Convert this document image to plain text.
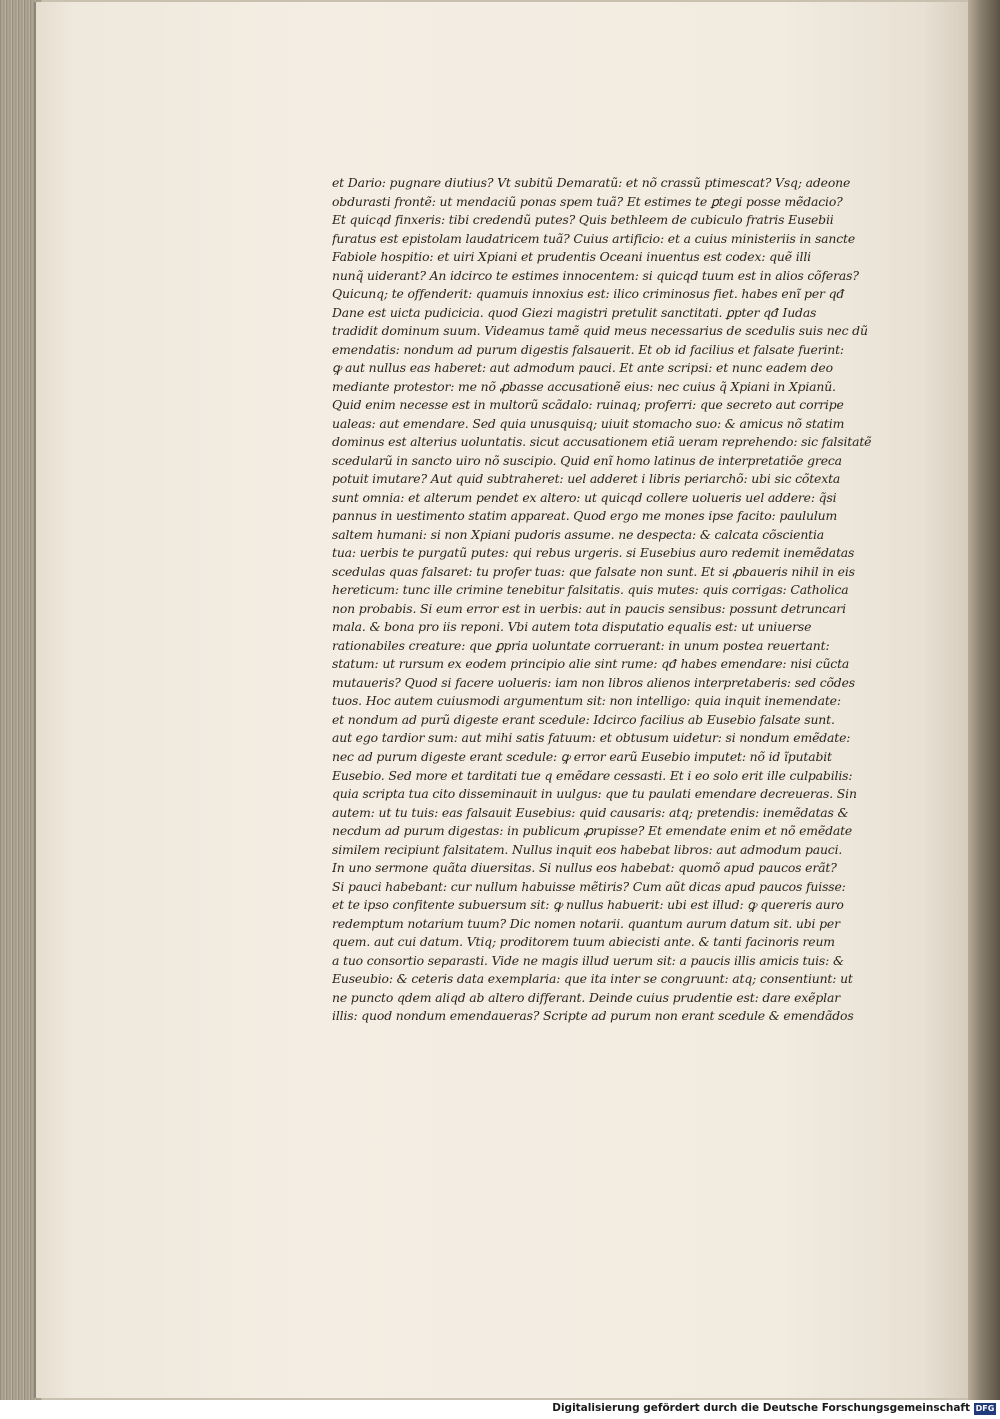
et Dario: pugnare diutius? Vt subitũ Demaratũ: et nõ crassũ ptimescat? Vsq; adeone
obdurasti frontẽ: ut mendaciũ ponas spem tuã? Et estimes te ꝑtegi posse mẽdacio?
Et quicqd finxeris: tibi credendũ putes? Quis bethleem de cubiculo fratris Eusebii
furatus est epistolam laudatricem tuã? Cuius artificio: et a cuius ministeriis in sancte
Fabiole hospitio: et uiri Xpiani et prudentis Oceani inuentus est codex: quẽ illi
nunq̃ uiderant? An idcirco te estimes innocentem: si quicqd tuum est in alios cõferas?
Quicunq; te offenderit: quamuis innoxius est: ilico criminosus fiet. habes enĩ per qđ
Dane est uicta pudicicia. quod Giezi magistri pretulit sanctitati. ꝑpter qđ Iudas
tradidit dominum suum. Videamus tamẽ quid meus necessarius de scedulis suis nec dũ
emendatis: nondum ad purum digestis falsauerit. Et ob id facilius et falsate fuerint:
ꝙ aut nullus eas haberet: aut admodum pauci. Et ante scripsi: et nunc eadem deo
mediante protestor: me nõ ꝓbasse accusationẽ eius: nec cuius q̃ Xpiani in Xpianũ.
Quid enim necesse est in multorũ scãdalo: ruinaq; proferri: que secreto aut corripe
ualeas: aut emendare. Sed quia unusquisq; uiuit stomacho suo: & amicus nõ statim
dominus est alterius uoluntatis. sicut accusationem etiã ueram reprehendo: sic falsitatẽ
scedularũ in sancto uiro nõ suscipio. Quid enĩ homo latinus de interpretatiõe greca
potuit imutare? Aut quid subtraheret: uel adderet i libris periarchõ: ubi sic cõtexta
sunt omnia: et alterum pendet ex altero: ut quicqd collere uolueris uel addere: q̃si
pannus in uestimento statim appareat. Quod ergo me mones ipse facito: paululum
saltem humani: si non Xpiani pudoris assume. ne despecta: & calcata cõscientia
tua: uerbis te purgatũ putes: qui rebus urgeris. si Eusebius auro redemit inemẽdatas
scedulas quas falsaret: tu profer tuas: que falsate non sunt. Et si ꝓbaueris nihil in eis
hereticum: tunc ille crimine tenebitur falsitatis. quis mutes: quis corrigas: Catholica
non probabis. Si eum error est in uerbis: aut in paucis sensibus: possunt detruncari
mala. & bona pro iis reponi. Vbi autem tota disputatio equalis est: ut uniuerse
rationabiles creature: que ꝑpria uoluntate corruerant: in unum postea reuertant:
statum: ut rursum ex eodem principio alie sint rume: qđ habes emendare: nisi cũcta
mutaueris? Quod si facere uolueris: iam non libros alienos interpretaberis: sed cõdes
tuos. Hoc autem cuiusmodi argumentum sit: non intelligo: quia inquit inemendate:
et nondum ad purũ digeste erant scedule: Idcirco facilius ab Eusebio falsate sunt.
aut ego tardior sum: aut mihi satis fatuum: et obtusum uidetur: si nondum emẽdate:
nec ad purum digeste erant scedule: ꝙ error earũ Eusebio imputet: nõ id ĩputabit
Eusebio. Sed more et tarditati tue q emẽdare cessasti. Et i eo solo erit ille culpabilis:
quia scripta tua cito disseminauit in uulgus: que tu paulati emendare decreueras. Sin
autem: ut tu tuis: eas falsauit Eusebius: quid causaris: atq; pretendis: inemẽdatas &
necdum ad purum digestas: in publicum ꝓrupisse? Et emendate enim et nõ emẽdate
similem recipiunt falsitatem. Nullus inquit eos habebat libros: aut admodum pauci.
In uno sermone quãta diuersitas. Si nullus eos habebat: quomõ apud paucos erãt?
Si pauci habebant: cur nullum habuisse mẽtiris? Cum aũt dicas apud paucos fuisse:
et te ipso confitente subuersum sit: ꝙ nullus habuerit: ubi est illud: ꝙ quereris auro
redemptum notarium tuum? Dic nomen notarii. quantum aurum datum sit. ubi per
quem. aut cui datum. Vtiq; proditorem tuum abiecisti ante. & tanti facinoris reum
a tuo consortio separasti. Vide ne magis illud uerum sit: a paucis illis amicis tuis: &
Euseubio: & ceteris data exemplaria: que ita inter se congruunt: atq; consentiunt: ut
ne puncto qdem aliqd ab altero differant. Deinde cuius prudentie est: dare exẽplar
illis: quod nondum emendaueras? Scripte ad purum non erant scedule & emendãdos
Digitalisierung gefördert durch die Deutsche Forschungsgemeinschaft DFG
